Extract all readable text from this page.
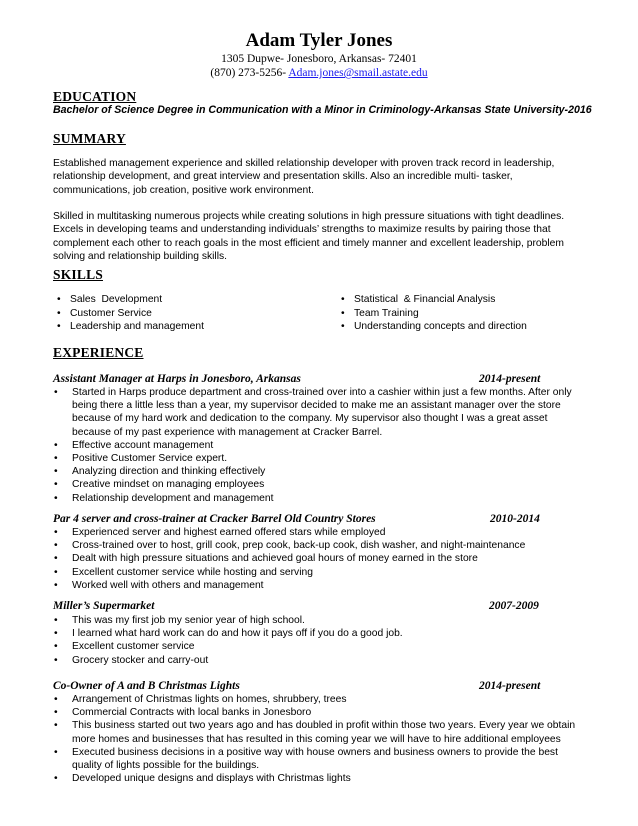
Adam Tyler Jones
1305 Dupwe- Jonesboro, Arkansas- 72401
(870) 273-5256- Adam.jones@smail.astate.edu
EDUCATION
Bachelor of Science Degree in Communication with a Minor in Criminology-Arkansas State University-2016
SUMMARY
Established management experience and skilled relationship developer with proven track record in leadership, relationship development, and great interview and presentation skills. Also an incredible multi- tasker, communications, job creation, positive work environment.
Skilled in multitasking numerous projects while creating solutions in high pressure situations with tight deadlines. Excels in developing teams and understanding individuals’ strengths to maximize results by pairing those that complement each other to reach goals in the most efficient and timely manner and excellent leadership, problem solving and relationship building skills.
SKILLS
• Sales  Development
• Customer Service
• Leadership and management
• Statistical  & Financial Analysis
• Team Training
• Understanding concepts and direction
EXPERIENCE
Assistant Manager at Harps in Jonesboro, Arkansas	2014-present
• Started in Harps produce department and cross-trained over into a cashier within just a few months. After only being there a little less than a year, my supervisor decided to make me an assistant manager over the store because of my hard work and dedication to the company. My supervisor also thought I was a great asset because of my past experience with management at Cracker Barrel.
• Effective account management
• Positive Customer Service expert.
• Analyzing direction and thinking effectively
• Creative mindset on managing employees
• Relationship development and management
Par 4 server and cross-trainer at Cracker Barrel Old Country Stores	2010-2014
• Experienced server and highest earned offered stars while employed
• Cross-trained over to host, grill cook, prep cook, back-up cook, dish washer, and night-maintenance
• Dealt with high pressure situations and achieved goal hours of money earned in the store
• Excellent customer service while hosting and serving
• Worked well with others and management
Miller’s Supermarket	2007-2009
• This was my first job my senior year of high school.
• I learned what hard work can do and how it pays off if you do a good job.
• Excellent customer service
• Grocery stocker and carry-out
Co-Owner of A and B Christmas Lights	2014-present
• Arrangement of Christmas lights on homes, shrubbery, trees
• Commercial Contracts with local banks in Jonesboro
• This business started out two years ago and has doubled in profit within those two years. Every year we obtain more homes and businesses that has resulted in this coming year we will have to hire additional employees
• Executed business decisions in a positive way with house owners and business owners to provide the best quality of lights possible for the buildings.
• Developed unique designs and displays with Christmas lights
